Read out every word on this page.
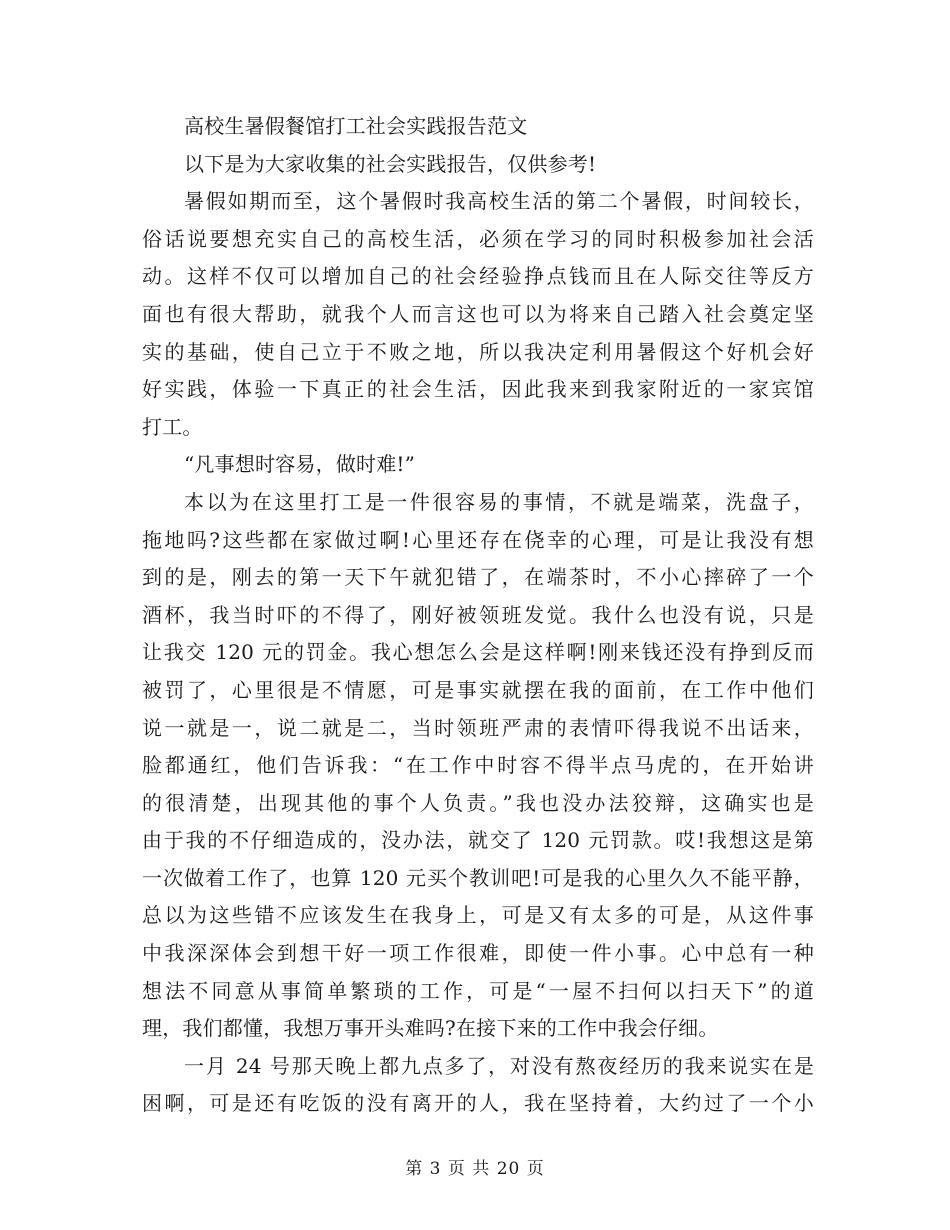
高校生暑假餐馆打工社会实践报告范文
以下是为大家收集的社会实践报告，仅供参考!
暑假如期而至，这个暑假时我高校生活的第二个暑假，时间较长，
俗话说要想充实自己的高校生活，必须在学习的同时积极参加社会活
动。这样不仅可以增加自己的社会经验挣点钱而且在人际交往等反方
面也有很大帮助，就我个人而言这也可以为将来自己踏入社会奠定坚
实的基础，使自己立于不败之地，所以我决定利用暑假这个好机会好
好实践，体验一下真正的社会生活，因此我来到我家附近的一家宾馆
打工。
“凡事想时容易，做时难!”
本以为在这里打工是一件很容易的事情，不就是端菜，洗盘子，
拖地吗?这些都在家做过啊!心里还存在侥幸的心理，可是让我没有想
到的是，刚去的第一天下午就犯错了，在端茶时，不小心摔碎了一个
酒杯，我当时吓的不得了，刚好被领班发觉。我什么也没有说，只是
让我交 120 元的罚金。我心想怎么会是这样啊!刚来钱还没有挣到反而
被罚了，心里很是不情愿，可是事实就摆在我的面前，在工作中他们
说一就是一，说二就是二，当时领班严肃的表情吓得我说不出话来，
脸都通红，他们告诉我：“在工作中时容不得半点马虎的，在开始讲
的很清楚，出现其他的事个人负责。”我也没办法狡辩，这确实也是
由于我的不仔细造成的，没办法，就交了 120 元罚款。哎!我想这是第
一次做着工作了，也算 120 元买个教训吧!可是我的心里久久不能平静，
总以为这些错不应该发生在我身上，可是又有太多的可是，从这件事
中我深深体会到想干好一项工作很难，即使一件小事。心中总有一种
想法不同意从事简单繁琐的工作，可是“一屋不扫何以扫天下”的道
理，我们都懂，我想万事开头难吗?在接下来的工作中我会仔细。
一月 24 号那天晚上都九点多了，对没有熬夜经历的我来说实在是
困啊，可是还有吃饭的没有离开的人，我在坚持着，大约过了一个小
第 3 页 共 20 页
